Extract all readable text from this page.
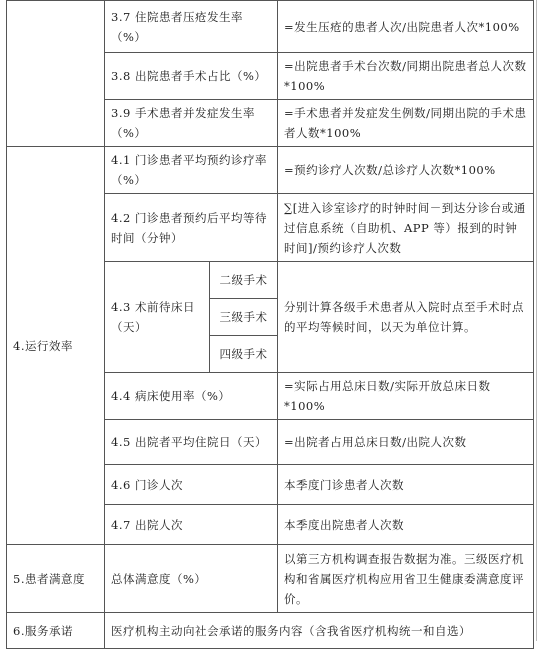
	3.7 住院患者压疮发生率（%）		=发生压疮的患者人次/出院患者人次*100%
	3.8 出院患者手术占比（%）		=出院患者手术台次数/同期出院患者总人次数*100%
	3.9 手术患者并发症发生率（%）		=手术患者并发症发生例数/同期出院的手术患者人数*100%
4.运行效率	4.1 门诊患者平均预约诊疗率（%）		=预约诊疗人次数/总诊疗人次数*100%
	4.2 门诊患者预约后平均等待时间（分钟）		∑[进入诊室诊疗的时钟时间－到达分诊台或通过信息系统（自助机、APP 等）报到的时钟时间]/预约诊疗人次数
	4.3 术前待床日（天）	二级手术	分别计算各级手术患者从入院时点至手术时点的平均等候时间，以天为单位计算。
		三级手术	
		四级手术	
	4.4 病床使用率（%）		=实际占用总床日数/实际开放总床日数*100%
	4.5 出院者平均住院日（天）		=出院者占用总床日数/出院人次数
	4.6 门诊人次		本季度门诊患者人次数
	4.7 出院人次		本季度出院患者人次数
5.患者满意度	总体满意度（%）		以第三方机构调查报告数据为准。三级医疗机构和省属医疗机构应用省卫生健康委满意度评价。
6.服务承诺	医疗机构主动向社会承诺的服务内容（含我省医疗机构统一和自选）		
